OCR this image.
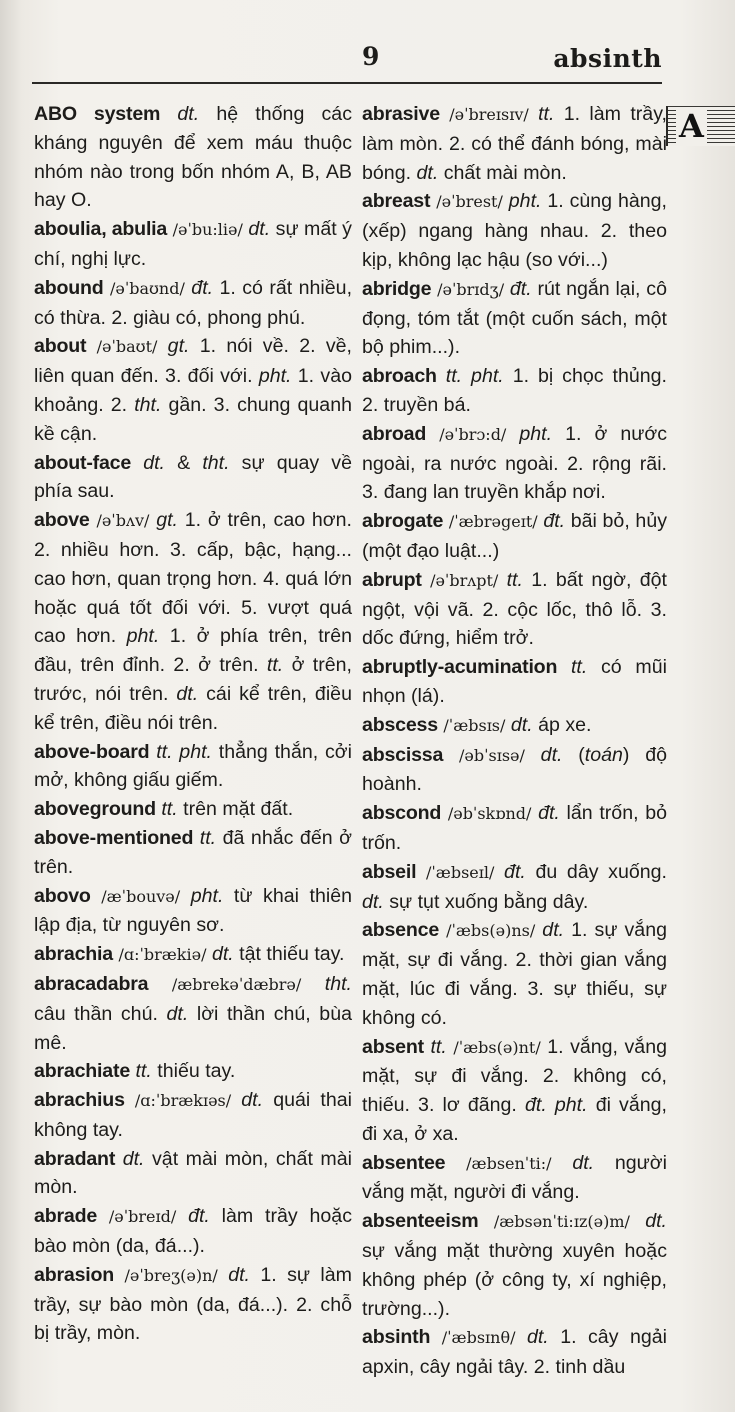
9	absinth
A

ABO system dt. hệ thống các kháng nguyên để xem máu thuộc nhóm nào trong bốn nhóm A, B, AB hay O.

aboulia, abulia /əˈbu:liə/ dt. sự mất ý chí, nghị lực.

abound /əˈbaʊnd/ đt. 1. có rất nhiều, có thừa. 2. giàu có, phong phú.

about /əˈbaʊt/ gt. 1. nói về. 2. về, liên quan đến. 3. đối với. pht. 1. vào khoảng. 2. tht. gần. 3. chung quanh kề cận.

about-face dt. & tht. sự quay về phía sau.

above /əˈbʌv/ gt. 1. ở trên, cao hơn. 2. nhiều hơn. 3. cấp, bậc, hạng... cao hơn, quan trọng hơn. 4. quá lớn hoặc quá tốt đối với. 5. vượt quá cao hơn. pht. 1. ở phía trên, trên đầu, trên đỉnh. 2. ở trên. tt. ở trên, trước, nói trên. dt. cái kể trên, điều kể trên, điều nói trên.

above-board tt. pht. thẳng thắn, cởi mở, không giấu giếm.

aboveground tt. trên mặt đất.

above-mentioned tt. đã nhắc đến ở trên.

abovo /æˈbouvə/ pht. từ khai thiên lập địa, từ nguyên sơ.

abrachia /ɑ:ˈbrækiə/ dt. tật thiếu tay.

abracadabra /æbrekəˈdæbrə/ tht. câu thần chú. dt. lời thần chú, bùa mê.

abrachiate tt. thiếu tay.

abrachius /ɑ:ˈbrækɪəs/ dt. quái thai không tay.

abradant dt. vật mài mòn, chất mài mòn.

abrade /əˈbreɪd/ đt. làm trầy hoặc bào mòn (da, đá...).

abrasion /əˈbreʒ(ə)n/ dt. 1. sự làm trầy, sự bào mòn (da, đá...). 2. chỗ bị trầy, mòn.

abrasive /əˈbreɪsɪv/ tt. 1. làm trầy, làm mòn. 2. có thể đánh bóng, mài bóng. dt. chất mài mòn.

abreast /əˈbrest/ pht. 1. cùng hàng, (xếp) ngang hàng nhau. 2. theo kịp, không lạc hậu (so với...)

abridge /əˈbrɪdʒ/ đt. rút ngắn lại, cô đọng, tóm tắt (một cuốn sách, một bộ phim...).

abroach tt. pht. 1. bị chọc thủng. 2. truyền bá.

abroad /əˈbrɔ:d/ pht. 1. ở nước ngoài, ra nước ngoài. 2. rộng rãi. 3. đang lan truyền khắp nơi.

abrogate /ˈæbrəgeɪt/ đt. bãi bỏ, hủy (một đạo luật...)

abrupt /əˈbrʌpt/ tt. 1. bất ngờ, đột ngột, vội vã. 2. cộc lốc, thô lỗ. 3. dốc đứng, hiểm trở.

abruptly-acumination tt. có mũi nhọn (lá).

abscess /ˈæbsɪs/ dt. áp xe.

abscissa /əbˈsɪsə/ dt. (toán) độ hoành.

abscond /əbˈskɒnd/ đt. lẩn trốn, bỏ trốn.

abseil /ˈæbseɪl/ đt. đu dây xuống. dt. sự tụt xuống bằng dây.

absence /ˈæbs(ə)ns/ dt. 1. sự vắng mặt, sự đi vắng. 2. thời gian vắng mặt, lúc đi vắng. 3. sự thiếu, sự không có.

absent tt. /ˈæbs(ə)nt/ 1. vắng, vắng mặt, sự đi vắng. 2. không có, thiếu. 3. lơ đãng. đt. pht. đi vắng, đi xa, ở xa.

absentee /æbsenˈti:/ dt. người vắng mặt, người đi vắng.

absenteeism /æbsənˈti:ɪz(ə)m/ dt. sự vắng mặt thường xuyên hoặc không phép (ở công ty, xí nghiệp, trường...).

absinth /ˈæbsɪnθ/ dt. 1. cây ngải apxin, cây ngải tây. 2. tinh dầu
